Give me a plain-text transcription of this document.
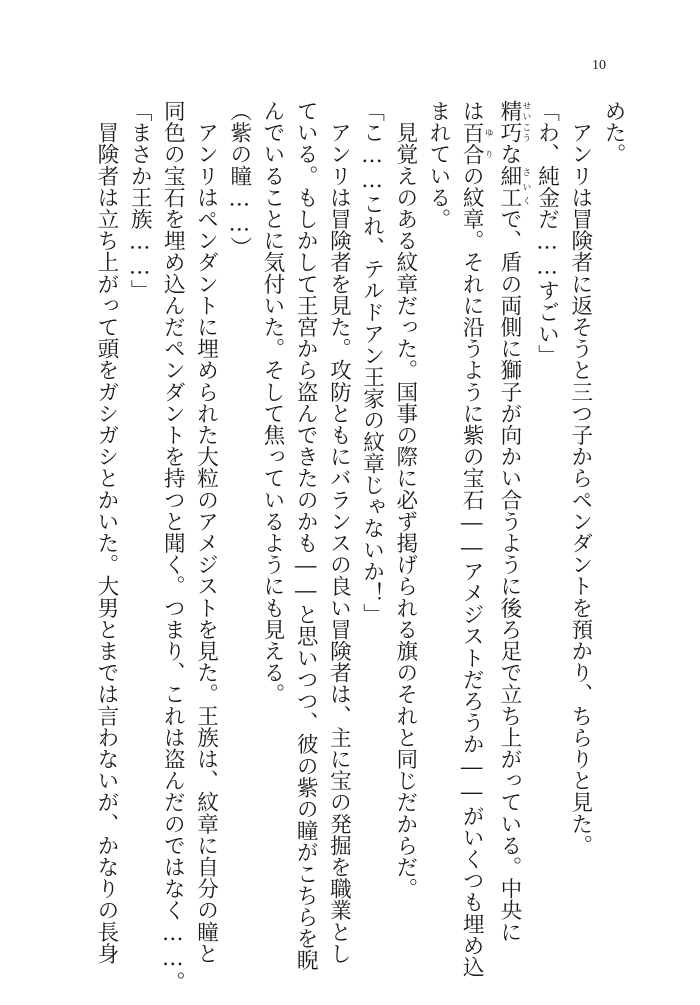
10
めた。
　アンリは冒険者に返そうと三つ子からペンダントを預かり、ちらりと見た。
「わ、純金だ……すごい」
精巧せいこうな細工さいくで、盾の両側に獅子が向かい合うように後ろ足で立ち上がっている。中央に
は百合ゆりの紋章。それに沿うように紫の宝石――アメジストだろうか――がいくつも埋め込
まれている。
　見覚えのある紋章だった。国事の際に必ず掲げられる旗のそれと同じだからだ。
「こ……これ、テルドアン王家の紋章じゃないか！」
　アンリは冒険者を見た。攻防ともにバランスの良い冒険者は、主に宝の発掘を職業とし
ている。もしかして王宮から盗んできたのかも――と思いつつ、彼の紫の瞳がこちらを睨
んでいることに気付いた。そして焦っているようにも見える。
（紫の瞳……）
　アンリはペンダントに埋められた大粒のアメジストを見た。王族は、紋章に自分の瞳と
同色の宝石を埋め込んだペンダントを持つと聞く。つまり、これは盗んだのではなく……。
「まさか王族……」
　冒険者は立ち上がって頭をガシガシとかいた。大男とまでは言わないが、かなりの長身
